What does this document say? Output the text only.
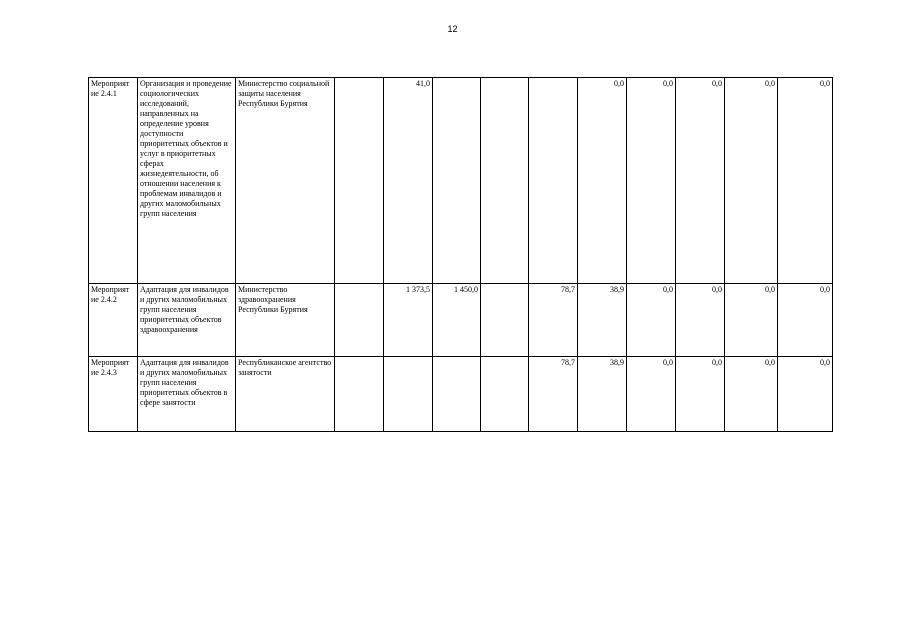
12
Мероприят ие 2.4.1	Организация и проведение социологических исследований, направленных на определение уровня доступности приоритетных объектов и услуг в приоритетных сферах жизнедеятельности, об отношении населения к проблемам инвалидов и других маломобильных групп населения	Министерство социальной защиты населения Республики Бурятия		41,0				0,0	0,0	0,0	0,0	0,0
Мероприят ие 2.4.2	Адаптация для инвалидов и других маломобильных групп населения приоритетных объектов здравоохранения	Министерство здравоохранения Республики Бурятия		1 373,5	1 450,0		78,7	38,9	0,0	0,0	0,0	0,0
Мероприят ие 2.4.3	Адаптация для инвалидов и других маломобильных групп населения приоритетных объектов в сфере занятости	Республиканское агентство занятости					78,7	38,9	0,0	0,0	0,0	0,0
